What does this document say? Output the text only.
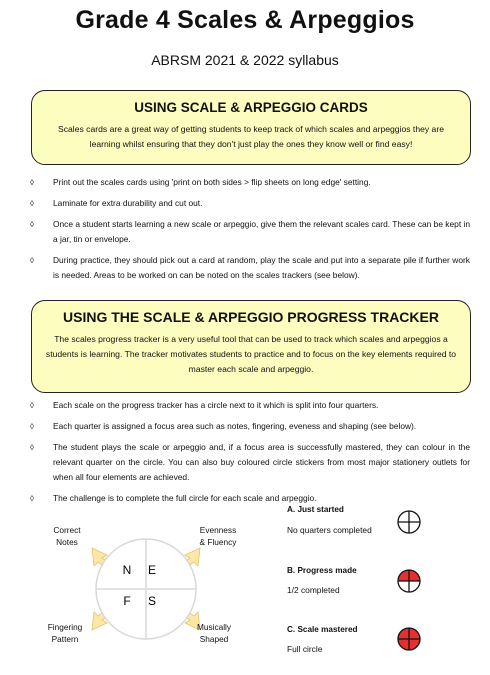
Grade 4 Scales & Arpeggios
ABRSM 2021 & 2022 syllabus
USING SCALE & ARPEGGIO CARDS
Scales cards are a great way of getting students to keep track of which scales and arpeggios they are learning whilst ensuring that they don't just play the ones they know well or find easy!
◊ Print out the scales cards using 'print on both sides > flip sheets on long edge' setting.
◊ Laminate for extra durability and cut out.
◊ Once a student starts learning a new scale or arpeggio, give them the relevant scales card. These can be kept in a jar, tin or envelope.
◊ During practice, they should pick out a card at random, play the scale and put into a separate pile if further work is needed. Areas to be worked on can be noted on the scales trackers (see below).
USING THE SCALE & ARPEGGIO PROGRESS TRACKER
The scales progress tracker is a very useful tool that can be used to track which scales and arpeggios a students is learning. The tracker motivates students to practice and to focus on the key elements required to master each scale and arpeggio.
◊ Each scale on the progress tracker has a circle next to it which is split into four quarters.
◊ Each quarter is assigned a focus area such as notes, fingering, eveness and shaping (see below).
◊ The student plays the scale or arpeggio and, if a focus area is successfully mastered, they can colour in the relevant quarter on the circle. You can also buy coloured circle stickers from most major stationery outlets for when all four elements are achieved.
◊ The challenge is to complete the full circle for each scale and arpeggio.
N E
F S
Correct
Notes
Evenness
& Fluency
Fingering
Pattern
Musically
Shaped
A. Just started
No quarters completed
B. Progress made
1/2 completed
C. Scale mastered
Full circle
